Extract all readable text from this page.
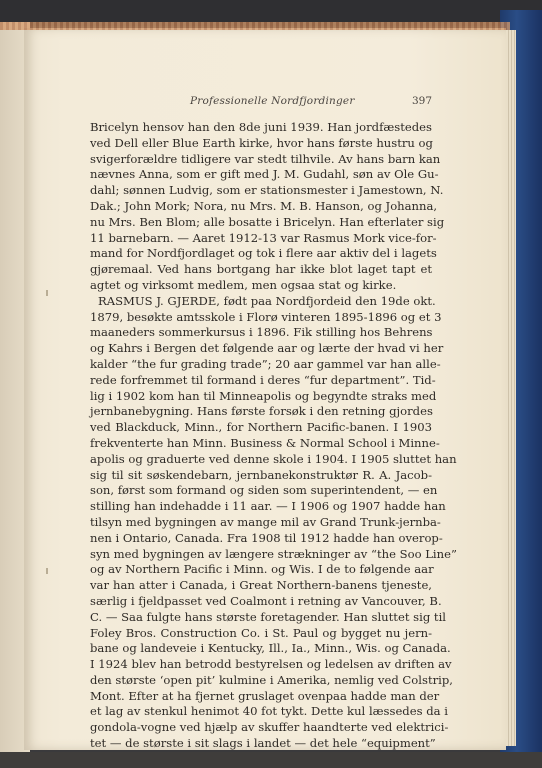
Professionelle Nordfjordinger	397
Bricelyn hensov han den 8de juni 1939. Han jordfæstedes
ved Dell eller Blue Earth kirke, hvor hans første hustru og
svigerforældre tidligere var stedt tilhvile. Av hans barn kan
nævnes Anna, som er gift med J. M. Gudahl, søn av Ole Gu-
dahl; sønnen Ludvig, som er stationsmester i Jamestown, N.
Dak.; John Mork; Nora, nu Mrs. M. B. Hanson, og Johanna,
nu Mrs. Ben Blom; alle bosatte i Bricelyn. Han efterlater sig
11 barnebarn. — Aaret 1912-13 var Rasmus Mork vice-for-
mand for Nordfjordlaget og tok i flere aar aktiv del i lagets
gjøremaal. Ved hans bortgang har ikke blot laget tapt et
agtet og virksomt medlem, men ogsaa stat og kirke.
RASMUS J. GJERDE, født paa Nordfjordeid den 19de okt.
1879, besøkte amtsskole i Florø vinteren 1895-1896 og et 3
maaneders sommerkursus i 1896. Fik stilling hos Behrens
og Kahrs i Bergen det følgende aar og lærte der hvad vi her
kalder “the fur grading trade”; 20 aar gammel var han alle-
rede forfremmet til formand i deres “fur department”. Tid-
lig i 1902 kom han til Minneapolis og begyndte straks med
jernbanebygning. Hans første forsøk i den retning gjordes
ved Blackduck, Minn., for Northern Pacific-banen. I 1903
frekventerte han Minn. Business & Normal School i Minne-
apolis og graduerte ved denne skole i 1904. I 1905 sluttet han
sig til sit søskendebarn, jernbanekonstruktør R. A. Jacob-
son, først som formand og siden som superintendent, — en
stilling han indehadde i 11 aar. — I 1906 og 1907 hadde han
tilsyn med bygningen av mange mil av Grand Trunk-jernba-
nen i Ontario, Canada. Fra 1908 til 1912 hadde han overop-
syn med bygningen av længere strækninger av “the Soo Line”
og av Northern Pacific i Minn. og Wis. I de to følgende aar
var han atter i Canada, i Great Northern-banens tjeneste,
særlig i fjeldpasset ved Coalmont i retning av Vancouver, B.
C. — Saa fulgte hans største foretagender. Han sluttet sig til
Foley Bros. Construction Co. i St. Paul og bygget nu jern-
bane og landeveie i Kentucky, Ill., Ia., Minn., Wis. og Canada.
I 1924 blev han betrodd bestyrelsen og ledelsen av driften av
den største ‘open pit’ kulmine i Amerika, nemlig ved Colstrip,
Mont. Efter at ha fjernet gruslaget ovenpaa hadde man der
et lag av stenkul henimot 40 fot tykt. Dette kul læssedes da i
gondola-vogne ved hjælp av skuffer haandterte ved elektrici-
tet — de største i sit slags i landet — det hele “equipment”
